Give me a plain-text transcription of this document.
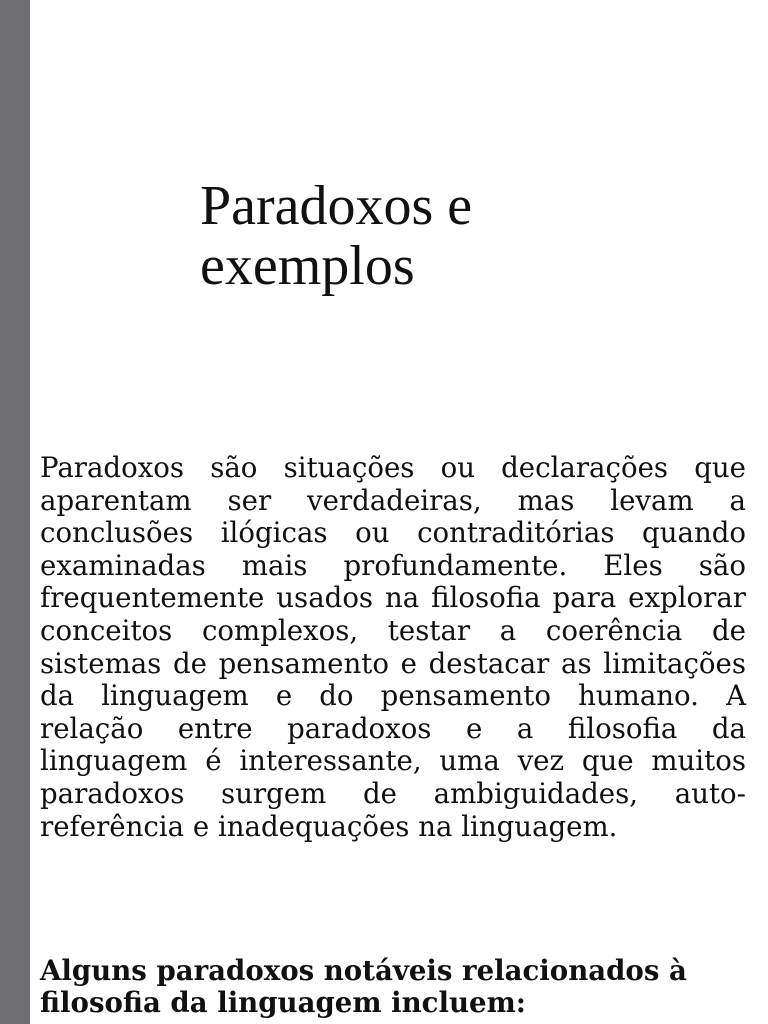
Paradoxos e exemplos

Paradoxos são situações ou declarações que aparentam ser verdadeiras, mas levam a conclusões ilógicas ou contraditórias quando examinadas mais profundamente. Eles são frequentemente usados na filosofia para explorar conceitos complexos, testar a coerência de sistemas de pensamento e destacar as limitações da linguagem e do pensamento humano. A relação entre paradoxos e a filosofia da linguagem é interessante, uma vez que muitos paradoxos surgem de ambiguidades, auto-referência e inadequações na linguagem.

Alguns paradoxos notáveis relacionados à filosofia da linguagem incluem:
